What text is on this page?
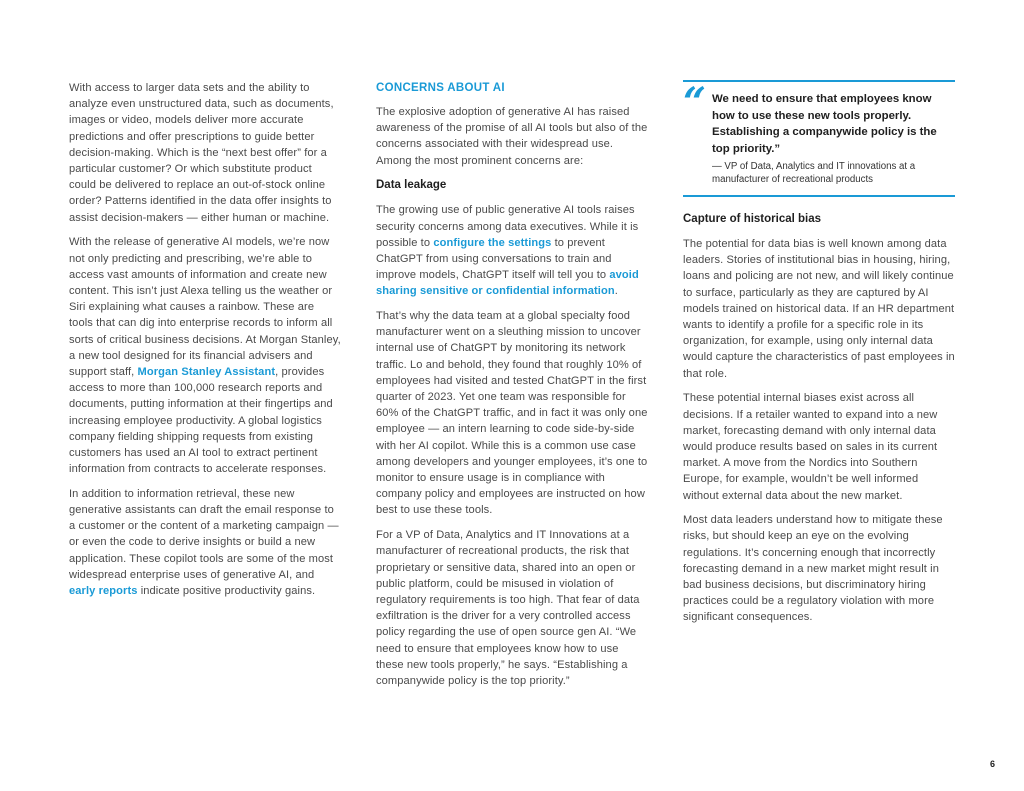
With access to larger data sets and the ability to analyze even unstructured data, such as documents, images or video, models deliver more accurate predictions and offer prescriptions to guide better decision-making. Which is the “next best offer” for a particular customer? Or which substitute product could be delivered to replace an out-of-stock online order? Patterns identified in the data offer insights to assist decision-makers — either human or machine.

With the release of generative AI models, we’re now not only predicting and prescribing, we’re able to access vast amounts of information and create new content. This isn’t just Alexa telling us the weather or Siri explaining what causes a rainbow. These are tools that can dig into enterprise records to inform all sorts of critical business decisions. At Morgan Stanley, a new tool designed for its financial advisers and support staff, Morgan Stanley Assistant, provides access to more than 100,000 research reports and documents, putting information at their fingertips and increasing employee productivity. A global logistics company fielding shipping requests from existing customers has used an AI tool to extract pertinent information from contracts to accelerate responses.

In addition to information retrieval, these new generative assistants can draft the email response to a customer or the content of a marketing campaign — or even the code to derive insights or build a new application. These copilot tools are some of the most widespread enterprise uses of generative AI, and early reports indicate positive productivity gains.

CONCERNS ABOUT AI

The explosive adoption of generative AI has raised awareness of the promise of all AI tools but also of the concerns associated with their widespread use. Among the most prominent concerns are:

Data leakage

The growing use of public generative AI tools raises security concerns among data executives. While it is possible to configure the settings to prevent ChatGPT from using conversations to train and improve models, ChatGPT itself will tell you to avoid sharing sensitive or confidential information.

That’s why the data team at a global specialty food manufacturer went on a sleuthing mission to uncover internal use of ChatGPT by monitoring its network traffic. Lo and behold, they found that roughly 10% of employees had visited and tested ChatGPT in the first quarter of 2023. Yet one team was responsible for 60% of the ChatGPT traffic, and in fact it was only one employee — an intern learning to code side-by-side with her AI copilot. While this is a common use case among developers and younger employees, it’s one to monitor to ensure usage is in compliance with company policy and employees are instructed on how best to use these tools.

For a VP of Data, Analytics and IT Innovations at a manufacturer of recreational products, the risk that proprietary or sensitive data, shared into an open or public platform, could be misused in violation of regulatory requirements is too high. That fear of data exfiltration is the driver for a very controlled access policy regarding the use of open source gen AI. “We need to ensure that employees know how to use these new tools properly,” he says. “Establishing a companywide policy is the top priority.”

“ We need to ensure that employees know how to use these new tools properly. Establishing a companywide policy is the top priority.”
— VP of Data, Analytics and IT innovations at a manufacturer of recreational products
Capture of historical bias

The potential for data bias is well known among data leaders. Stories of institutional bias in housing, hiring, loans and policing are not new, and will likely continue to surface, particularly as they are captured by AI models trained on historical data. If an HR department wants to identify a profile for a specific role in its organization, for example, using only internal data would capture the characteristics of past employees in that role.

These potential internal biases exist across all decisions. If a retailer wanted to expand into a new market, forecasting demand with only internal data would produce results based on sales in its current market. A move from the Nordics into Southern Europe, for example, wouldn’t be well informed without external data about the new market.

Most data leaders understand how to mitigate these risks, but should keep an eye on the evolving regulations. It’s concerning enough that incorrectly forecasting demand in a new market might result in bad business decisions, but discriminatory hiring practices could be a regulatory violation with more significant consequences.

6
